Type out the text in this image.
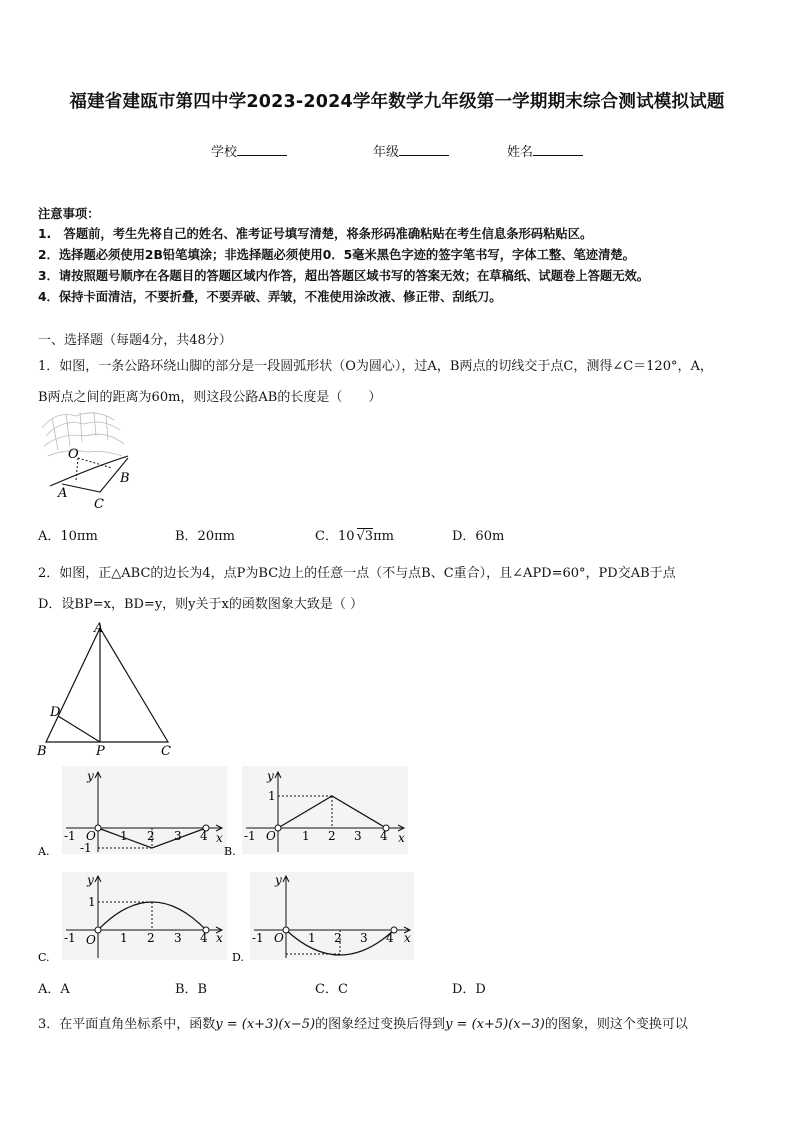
福建省建瓯市第四中学2023-2024学年数学九年级第一学期期末综合测试模拟试题
学校	年级	姓名
注意事项：
1.　答题前，考生先将自己的姓名、准考证号填写清楚，将条形码准确粘贴在考生信息条形码粘贴区。
2．选择题必须使用2B铅笔填涂；非选择题必须使用0．5毫米黑色字迹的签字笔书写，字体工整、笔迹清楚。
3．请按照题号顺序在各题目的答题区域内作答，超出答题区域书写的答案无效；在草稿纸、试题卷上答题无效。
4．保持卡面清洁，不要折叠，不要弄破、弄皱，不准使用涂改液、修正带、刮纸刀。
一、选择题（每题4分，共48分）
1．如图，一条公路环绕山脚的部分是一段圆弧形状（O为圆心），过A，B两点的切线交于点C，测得∠C＝120°，A，
B两点之间的距离为60m，则这段公路AB的长度是（　　）
O
A
B
C
A．10πm	B．20πm	C．10 √3πm	D．60m
2．如图，正△ABC的边长为4，点P为BC边上的任意一点（不与点B、C重合），且∠APD=60°，PD交AB于点
D．设BP=x，BD=y，则y关于x的函数图象大致是（ ）
A
D
B	P	C
y
x
O
-1	1 2 3 4
-1
A.
y
x
O
-1	1 2 3 4
1
B.
y
x
O
-1	1 2 3 4
1
C.
y
x
O
-1	1 2 3 4
D.
A．A	B．B	C．C	D．D
3．在平面直角坐标系中，函数y = (x+3)(x−5)的图象经过变换后得到y = (x+5)(x−3)的图象，则这个变换可以
